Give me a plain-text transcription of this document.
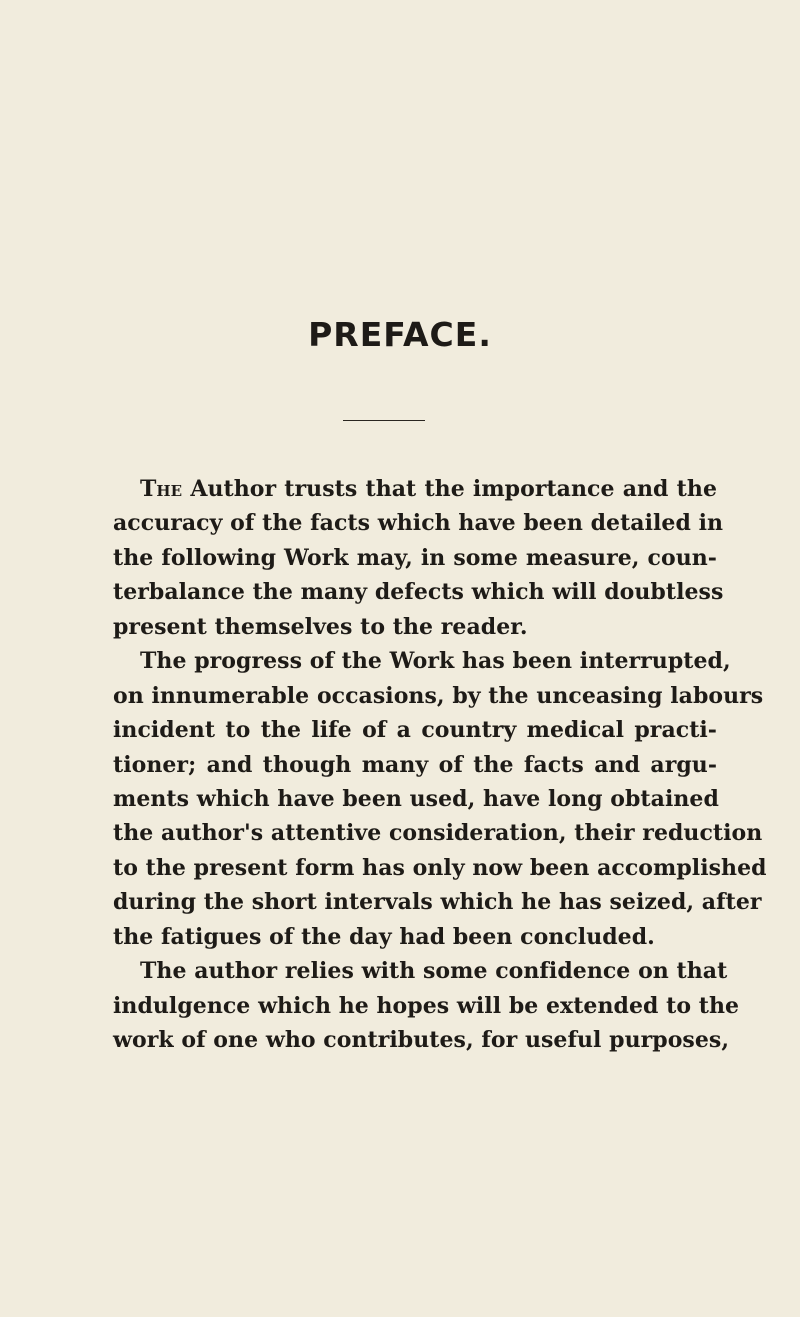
PREFACE.
The Author trusts that the importance and the
accuracy of the facts which have been detailed in
the following Work may, in some measure, coun-
terbalance the many defects which will doubtless
present themselves to the reader.
The progress of the Work has been interrupted,
on innumerable occasions, by the unceasing labours
incident to the life of a country medical practi-
tioner; and though many of the facts and argu-
ments which have been used, have long obtained
the author's attentive consideration, their reduction
to the present form has only now been accomplished
during the short intervals which he has seized, after
the fatigues of the day had been concluded.
The author relies with some confidence on that
indulgence which he hopes will be extended to the
work of one who contributes, for useful purposes,
